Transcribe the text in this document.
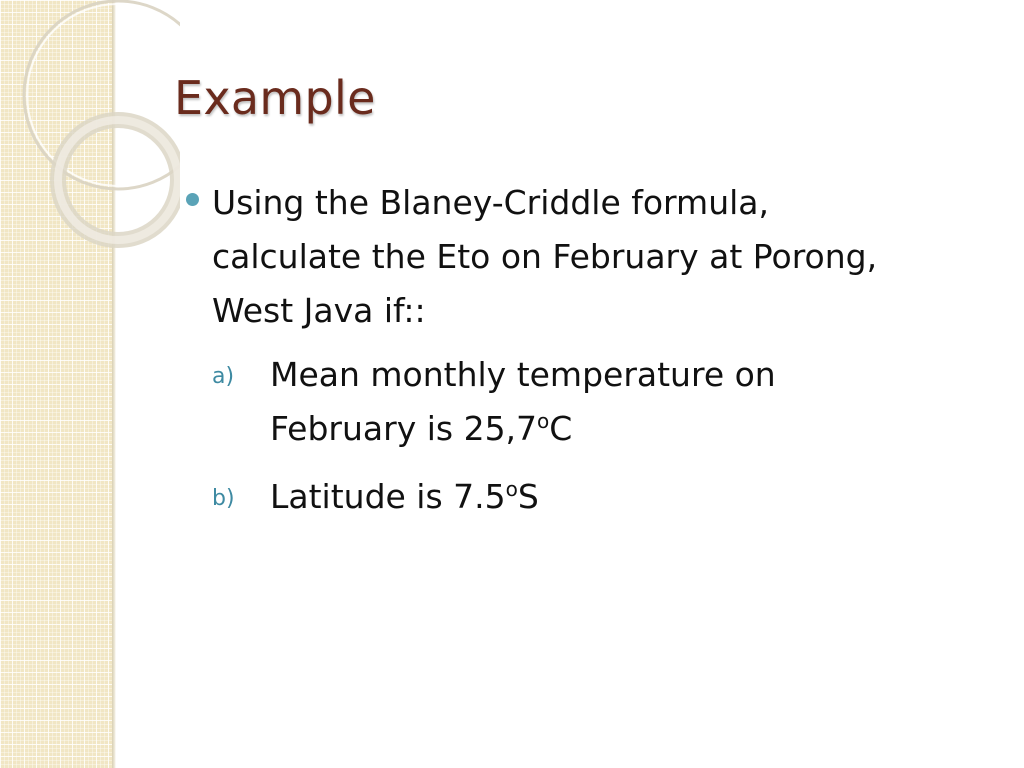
Example
Using the Blaney-Criddle formula,
calculate the Eto on February at Porong,
West Java if::
a) Mean monthly temperature on
February is 25,7$^o$C
b) Latitude is 7.5$^o$S
